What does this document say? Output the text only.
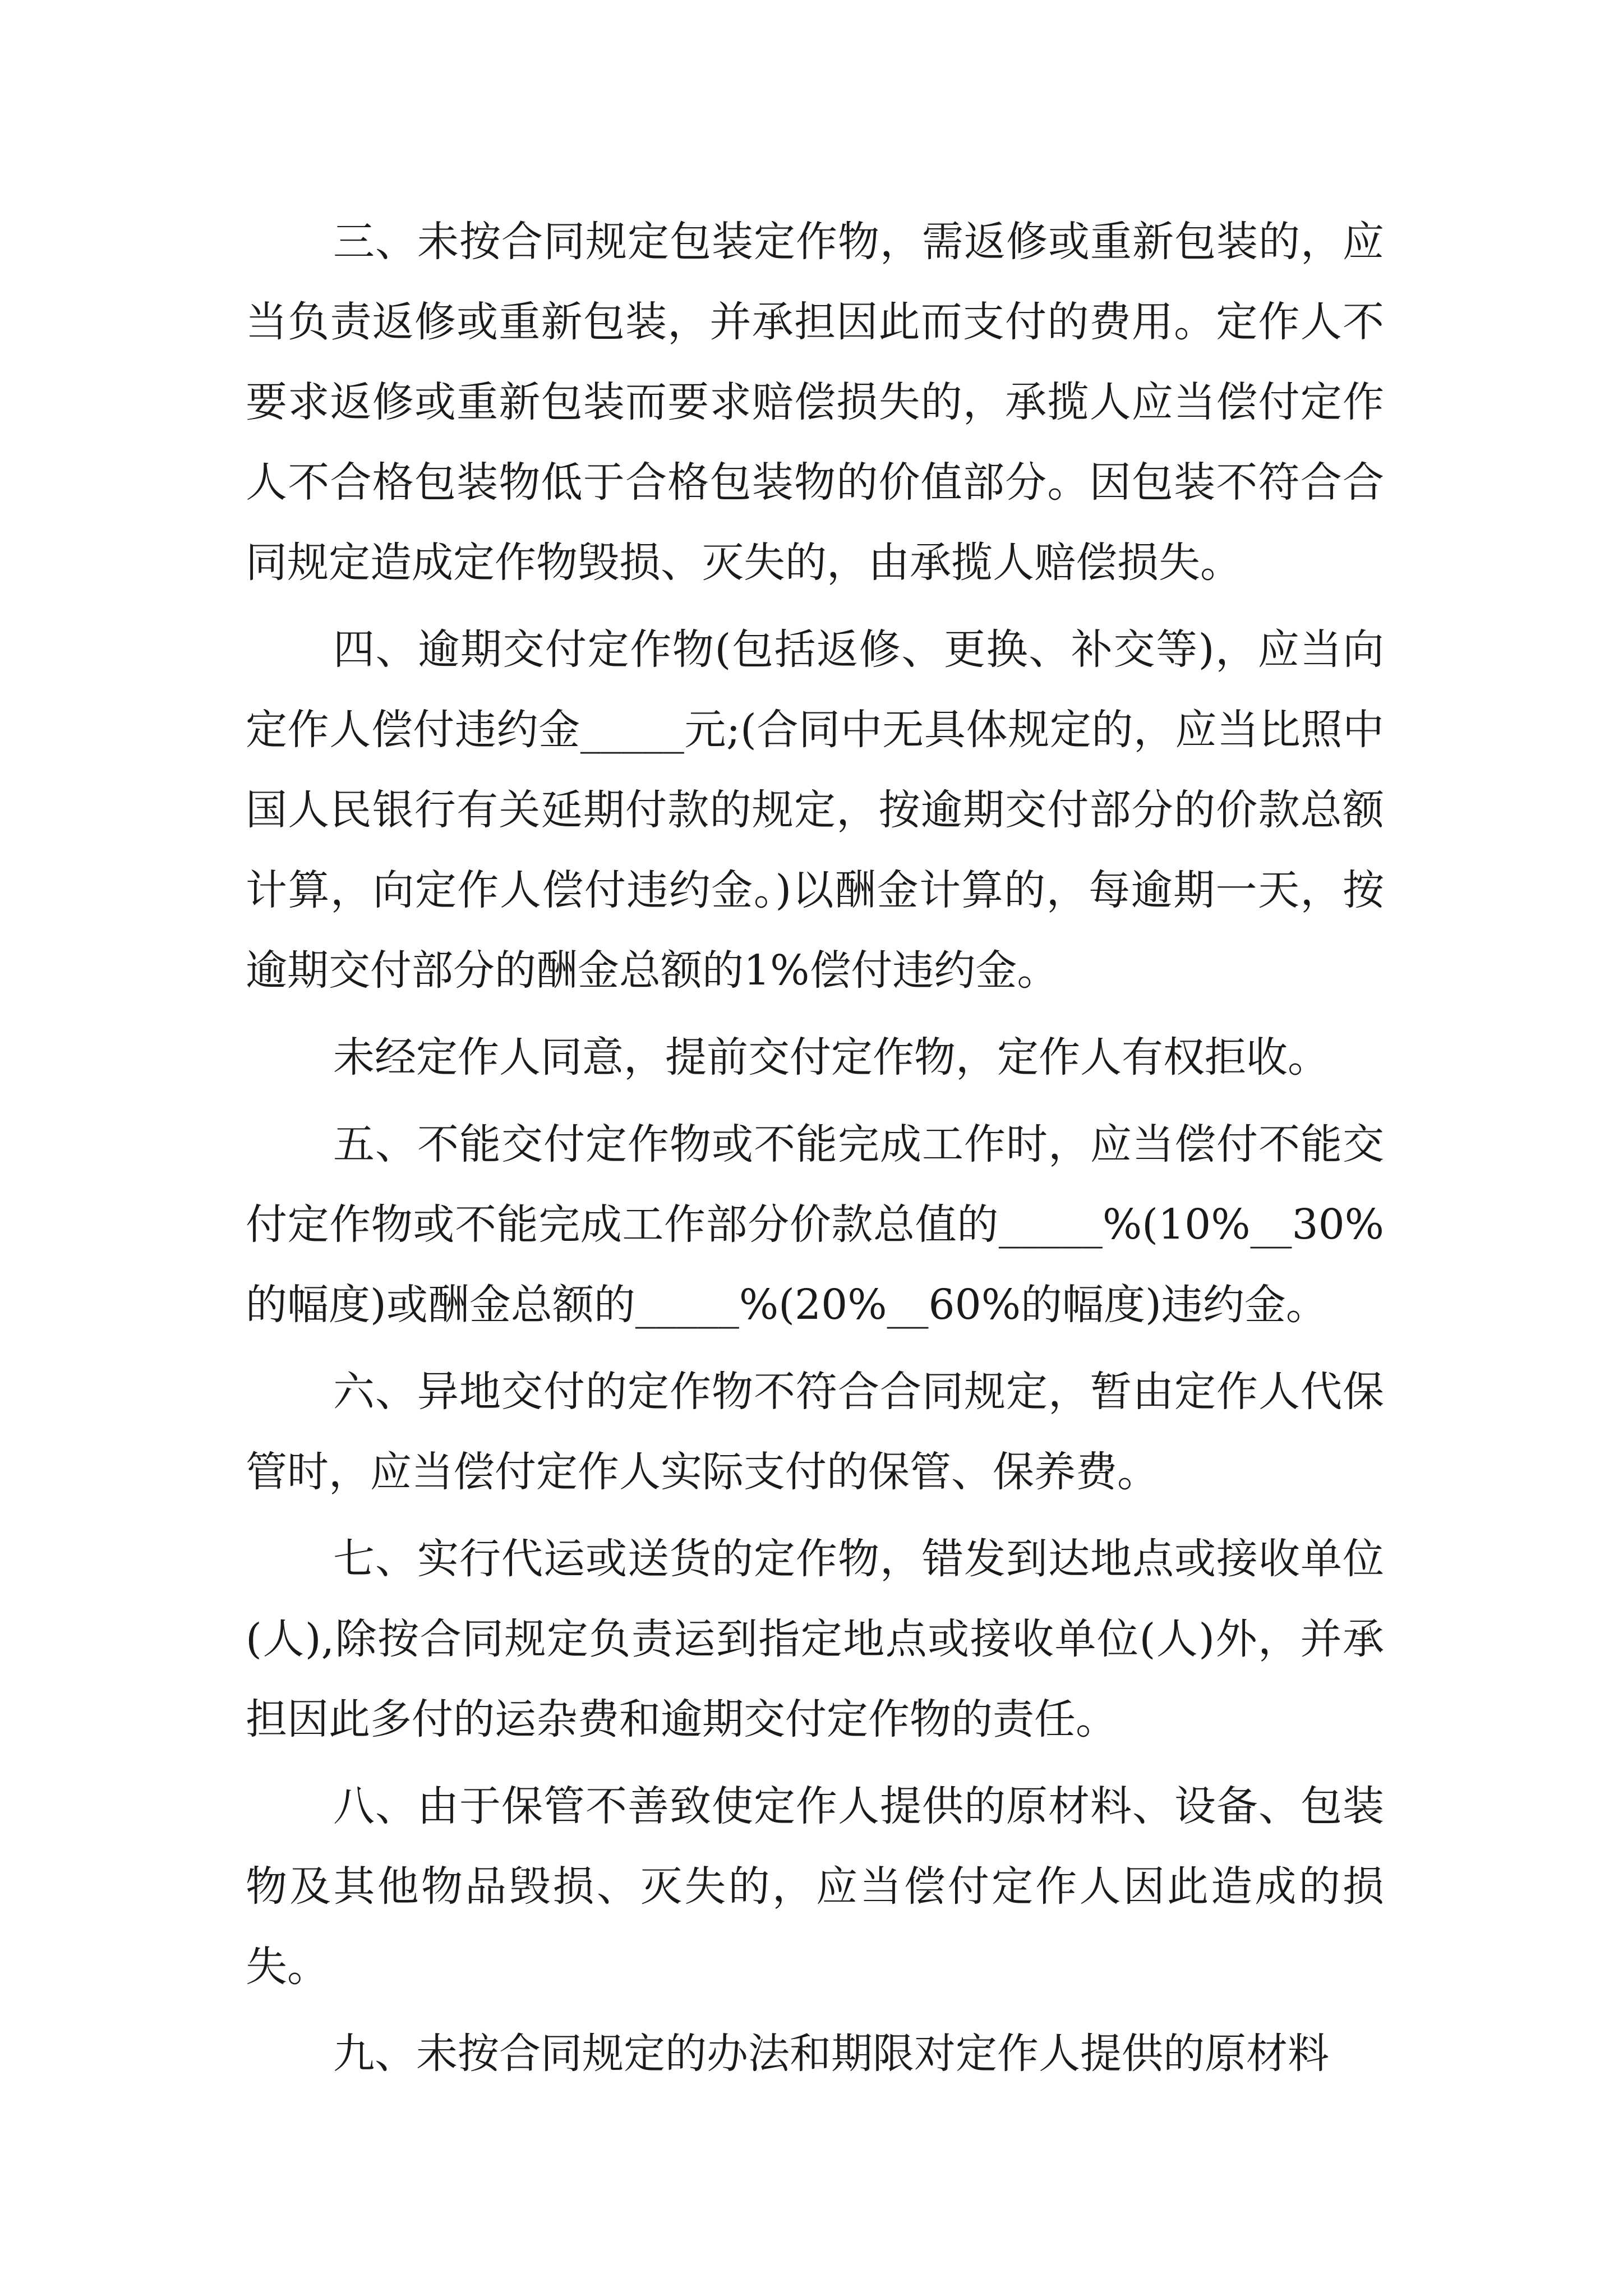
三、未按合同规定包装定作物，需返修或重新包装的，应当负责返修或重新包装，并承担因此而支付的费用。定作人不要求返修或重新包装而要求赔偿损失的，承揽人应当偿付定作人不合格包装物低于合格包装物的价值部分。因包装不符合合同规定造成定作物毁损、灭失的，由承揽人赔偿损失。

四、逾期交付定作物(包括返修、更换、补交等)，应当向定作人偿付违约金_____元;(合同中无具体规定的，应当比照中国人民银行有关延期付款的规定，按逾期交付部分的价款总额计算，向定作人偿付违约金。)以酬金计算的，每逾期一天，按逾期交付部分的酬金总额的1%偿付违约金。

未经定作人同意，提前交付定作物，定作人有权拒收。

五、不能交付定作物或不能完成工作时，应当偿付不能交付定作物或不能完成工作部分价款总值的_____%(10%__30%的幅度)或酬金总额的_____%(20%__60%的幅度)违约金。

六、异地交付的定作物不符合合同规定，暂由定作人代保管时，应当偿付定作人实际支付的保管、保养费。

七、实行代运或送货的定作物，错发到达地点或接收单位(人),除按合同规定负责运到指定地点或接收单位(人)外，并承担因此多付的运杂费和逾期交付定作物的责任。

八、由于保管不善致使定作人提供的原材料、设备、包装物及其他物品毁损、灭失的，应当偿付定作人因此造成的损失。

九、未按合同规定的办法和期限对定作人提供的原材料
